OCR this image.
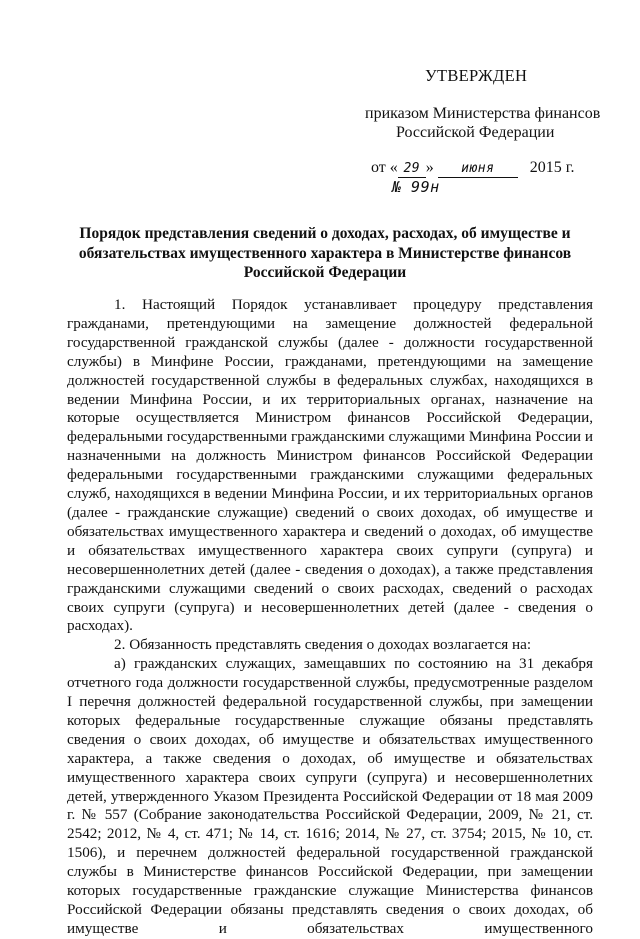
УТВЕРЖДЕН
приказом Министерства финансов
Российской Федерации
от « 29 » июня 2015 г.
№ 99н
Порядок представления сведений о доходах, расходах, об имуществе и обязательствах имущественного характера в Министерстве финансов Российской Федерации

1. Настоящий Порядок устанавливает процедуру представления гражданами, претендующими на замещение должностей федеральной государственной гражданской службы (далее - должности государственной службы) в Минфине России, гражданами, претендующими на замещение должностей государственной службы в федеральных службах, находящихся в ведении Минфина России, и их территориальных органах, назначение на которые осуществляется Министром финансов Российской Федерации, федеральными государственными гражданскими служащими Минфина России и назначенными на должность Министром финансов Российской Федерации федеральными государственными гражданскими служащими федеральных служб, находящихся в ведении Минфина России, и их территориальных органов (далее - гражданские служащие) сведений о своих доходах, об имуществе и обязательствах имущественного характера и сведений о доходах, об имуществе и обязательствах имущественного характера своих супруги (супруга) и несовершеннолетних детей (далее - сведения о доходах), а также представления гражданскими служащими сведений о своих расходах, сведений о расходах своих супруги (супруга) и несовершеннолетних детей (далее - сведения о расходах).

2. Обязанность представлять сведения о доходах возлагается на:

а) гражданских служащих, замещавших по состоянию на 31 декабря отчетного года должности государственной службы, предусмотренные разделом I перечня должностей федеральной государственной службы, при замещении которых федеральные государственные служащие обязаны представлять сведения о своих доходах, об имуществе и обязательствах имущественного характера, а также сведения о доходах, об имуществе и обязательствах имущественного характера своих супруги (супруга) и несовершеннолетних детей, утвержденного Указом Президента Российской Федерации от 18 мая 2009 г. № 557 (Собрание законодательства Российской Федерации, 2009, № 21, ст. 2542; 2012, № 4, ст. 471; № 14, ст. 1616; 2014, № 27, ст. 3754; 2015, № 10, ст. 1506), и перечнем должностей федеральной государственной гражданской службы в Министерстве финансов Российской Федерации, при замещении которых государственные гражданские служащие Министерства финансов Российской Федерации обязаны представлять сведения о своих доходах, об имуществе и обязательствах имущественного
